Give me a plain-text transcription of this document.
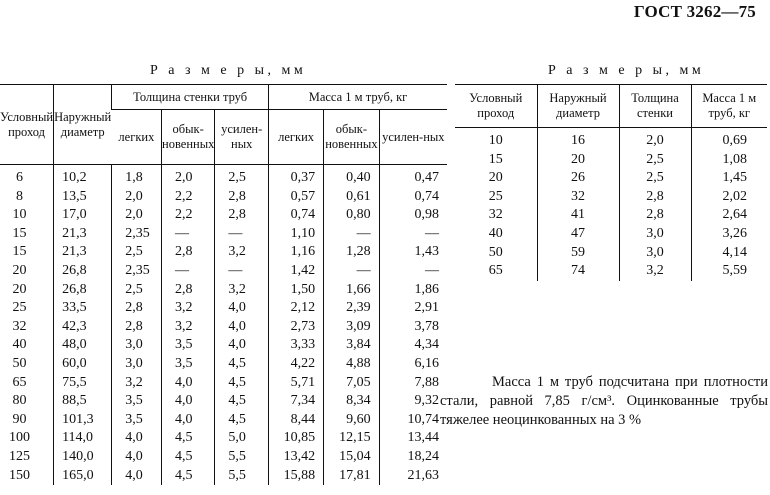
ГОСТ 3262—75
Р а з м е р ы, мм	Р а з м е р ы, мм
Условный проход	Наружный диаметр	Толщина стенки труб			Масса 1 м труб, кг		
		легких	обык-новенных	усилен-ных	легких	обык-новенных	усилен-ных
6	10,2	1,8	2,0	2,5	0,37	0,40	0,47
8	13,5	2,0	2,2	2,8	0,57	0,61	0,74
10	17,0	2,0	2,2	2,8	0,74	0,80	0,98
15	21,3	2,35	—	—	1,10	—	—
15	21,3	2,5	2,8	3,2	1,16	1,28	1,43
20	26,8	2,35	—	—	1,42	—	—
20	26,8	2,5	2,8	3,2	1,50	1,66	1,86
25	33,5	2,8	3,2	4,0	2,12	2,39	2,91
32	42,3	2,8	3,2	4,0	2,73	3,09	3,78
40	48,0	3,0	3,5	4,0	3,33	3,84	4,34
50	60,0	3,0	3,5	4,5	4,22	4,88	6,16
65	75,5	3,2	4,0	4,5	5,71	7,05	7,88
80	88,5	3,5	4,0	4,5	7,34	8,34	9,32
90	101,3	3,5	4,0	4,5	8,44	9,60	10,74
100	114,0	4,0	4,5	5,0	10,85	12,15	13,44
125	140,0	4,0	4,5	5,5	13,42	15,04	18,24
150	165,0	4,0	4,5	5,5	15,88	17,81	21,63
Условный проход	Наружный диаметр	Толщина стенки	Масса 1 м труб, кг
10	16	2,0	0,69
15	20	2,5	1,08
20	26	2,5	1,45
25	32	2,8	2,02
32	41	2,8	2,64
40	47	3,0	3,26
50	59	3,0	4,14
65	74	3,2	5,59
Масса 1 м труб подсчитана при плотности стали, равной 7,85 г/см³. Оцинкованные трубы тяжелее неоцинкованных на 3 %
